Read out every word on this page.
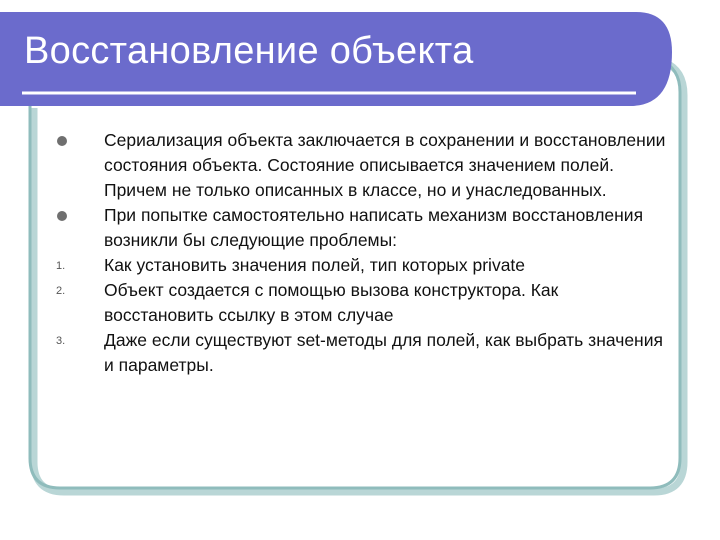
Восстановление объекта
Сериализация объекта заключается в сохранении и восстановлении состояния объекта. Состояние описывается значением полей. Причем не только описанных в классе, но и унаследованных.
При попытке самостоятельно написать механизм восстановления возникли бы следующие проблемы:
1. Как установить значения полей, тип которых private
2. Объект создается с помощью вызова конструктора. Как восстановить ссылку в этом случае
3. Даже если существуют set-методы для полей, как выбрать значения и параметры.
